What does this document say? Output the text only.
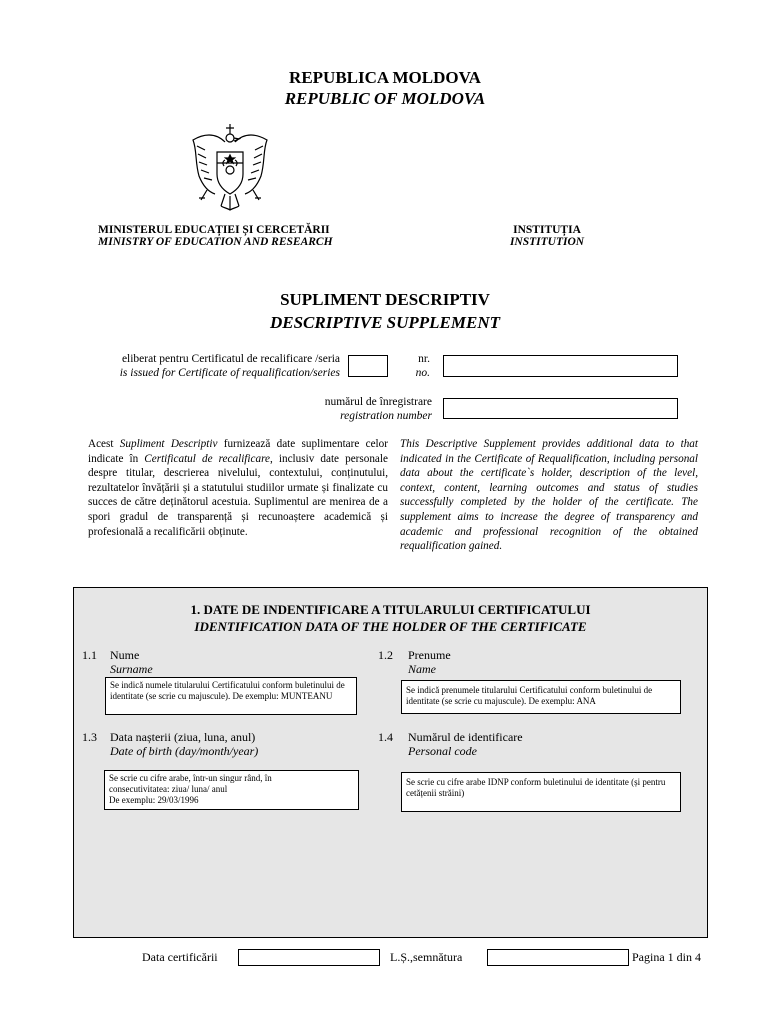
REPUBLICA MOLDOVA
REPUBLIC OF MOLDOVA
MINISTERUL EDUCAȚIEI ȘI CERCETĂRII
MINISTRY OF EDUCATION AND RESEARCH
INSTITUȚIA
INSTITUTION
SUPLIMENT DESCRIPTIV
DESCRIPTIVE SUPPLEMENT
eliberat pentru Certificatul de recalificare /seria
is issued for Certificate of requalification/series
nr.
no.
numărul de înregistrare
registration number
Acest Supliment Descriptiv furnizează date suplimentare celor indicate în Certificatul de recalificare, inclusiv date personale despre titular, descrierea nivelului, contextului, conținutului, rezultatelor învățării și a statutului studiilor urmate și finalizate cu succes de către deținătorul acestuia. Suplimentul are menirea de a spori gradul de transparență și recunoaștere academică și profesională a recalificării obținute.
This Descriptive Supplement provides additional data to that indicated in the Certificate of Requalification, including personal data about the certificate`s holder, description of the level, context, content, learning outcomes and status of studies successfully completed by the holder of the certificate. The supplement aims to increase the degree of transparency and academic and professional recognition of the obtained requalification gained.
1. DATE DE INDENTIFICARE A TITULARULUI CERTIFICATULUI
IDENTIFICATION DATA OF THE HOLDER OF THE CERTIFICATE
1.1 Nume
Surname
Se indică numele titularului Certificatului conform buletinului de identitate (se scrie cu majuscule). De exemplu: MUNTEANU
1.2 Prenume
Name
Se indică prenumele titularului Certificatului conform buletinului de identitate (se scrie cu majuscule). De exemplu: ANA
1.3 Data nașterii (ziua, luna, anul)
Date of birth (day/month/year)
Se scrie cu cifre arabe, într-un singur rând, în
consecutivitatea: ziua/ luna/ anul
De exemplu: 29/03/1996
1.4 Numărul de identificare
Personal code
Se scrie cu cifre arabe IDNP conform buletinului de identitate (și pentru cetățenii străini)
Data certificării	L.Ș.,semnătura	Pagina 1 din 4
